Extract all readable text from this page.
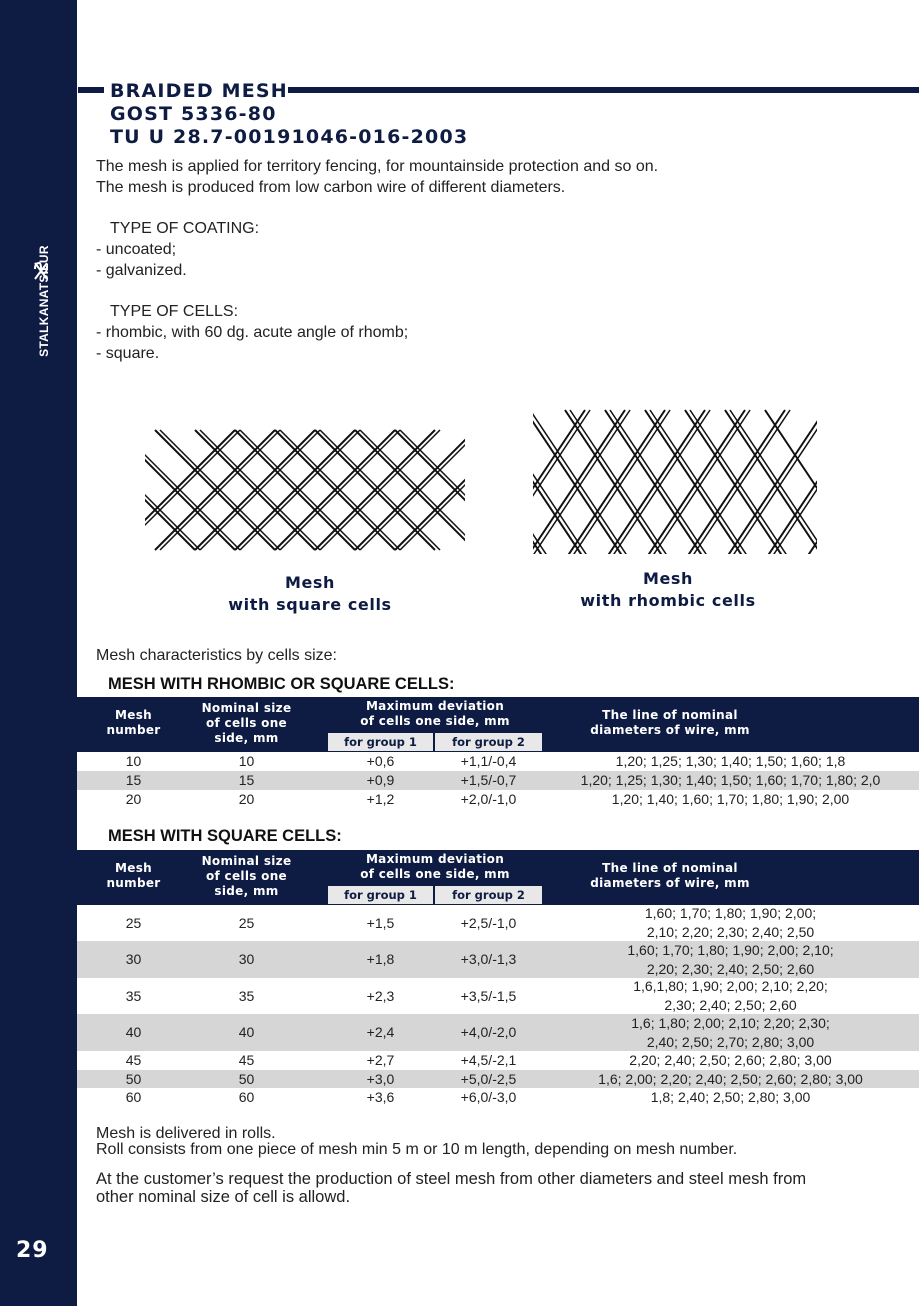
STALKANATSILUR
29
BRAIDED MESH
GOST 5336-80
TU U 28.7-00191046-016-2003
The mesh is applied for territory fencing, for mountainside protection and so on.
The mesh is produced from low carbon wire of different diameters.
TYPE OF COATING:
- uncoated;
- galvanized.
TYPE OF CELLS:
- rhombic, with 60 dg. acute angle of rhomb;
- square.
Mesh
with square cells
Mesh
with rhombic cells
Mesh characteristics by cells size:
MESH WITH RHOMBIC OR SQUARE CELLS:
Mesh
number
Nominal size
of cells one
side, mm
Maximum deviation
of cells one side, mm
for group 1	for group 2
The line of nominal
diameters of wire, mm
10	10	+0,6	+1,1/-0,4	1,20; 1,25; 1,30; 1,40; 1,50; 1,60; 1,8
15	15	+0,9	+1,5/-0,7	1,20; 1,25; 1,30; 1,40; 1,50; 1,60; 1,70; 1,80; 2,0
20	20	+1,2	+2,0/-1,0	1,20; 1,40; 1,60; 1,70; 1,80; 1,90; 2,00
MESH WITH SQUARE CELLS:
Mesh
number
Nominal size
of cells one
side, mm
Maximum deviation
of cells one side, mm
for group 1	for group 2
The line of nominal
diameters of wire, mm
25	25	+1,5	+2,5/-1,0
1,60; 1,70; 1,80; 1,90; 2,00;
2,10; 2,20; 2,30; 2,40; 2,50
30	30	+1,8	+3,0/-1,3
1,60; 1,70; 1,80; 1,90; 2,00; 2,10;
2,20; 2,30; 2,40; 2,50; 2,60
35	35	+2,3	+3,5/-1,5
1,6,1,80; 1,90; 2,00; 2,10; 2,20;
2,30; 2,40; 2,50; 2,60
40	40	+2,4	+4,0/-2,0
1,6; 1,80; 2,00; 2,10; 2,20; 2,30;
2,40; 2,50; 2,70; 2,80; 3,00
45	45	+2,7	+4,5/-2,1	2,20; 2,40; 2,50; 2,60; 2,80; 3,00
50	50	+3,0	+5,0/-2,5	1,6; 2,00; 2,20; 2,40; 2,50; 2,60; 2,80; 3,00
60	60	+3,6	+6,0/-3,0	1,8; 2,40; 2,50; 2,80; 3,00
Mesh is delivered in rolls.
Roll consists from one piece of mesh min 5 m or 10 m length, depending on mesh number.
At the customer’s request the production of steel mesh from other diameters and steel mesh from
other nominal size of cell is allowd.
